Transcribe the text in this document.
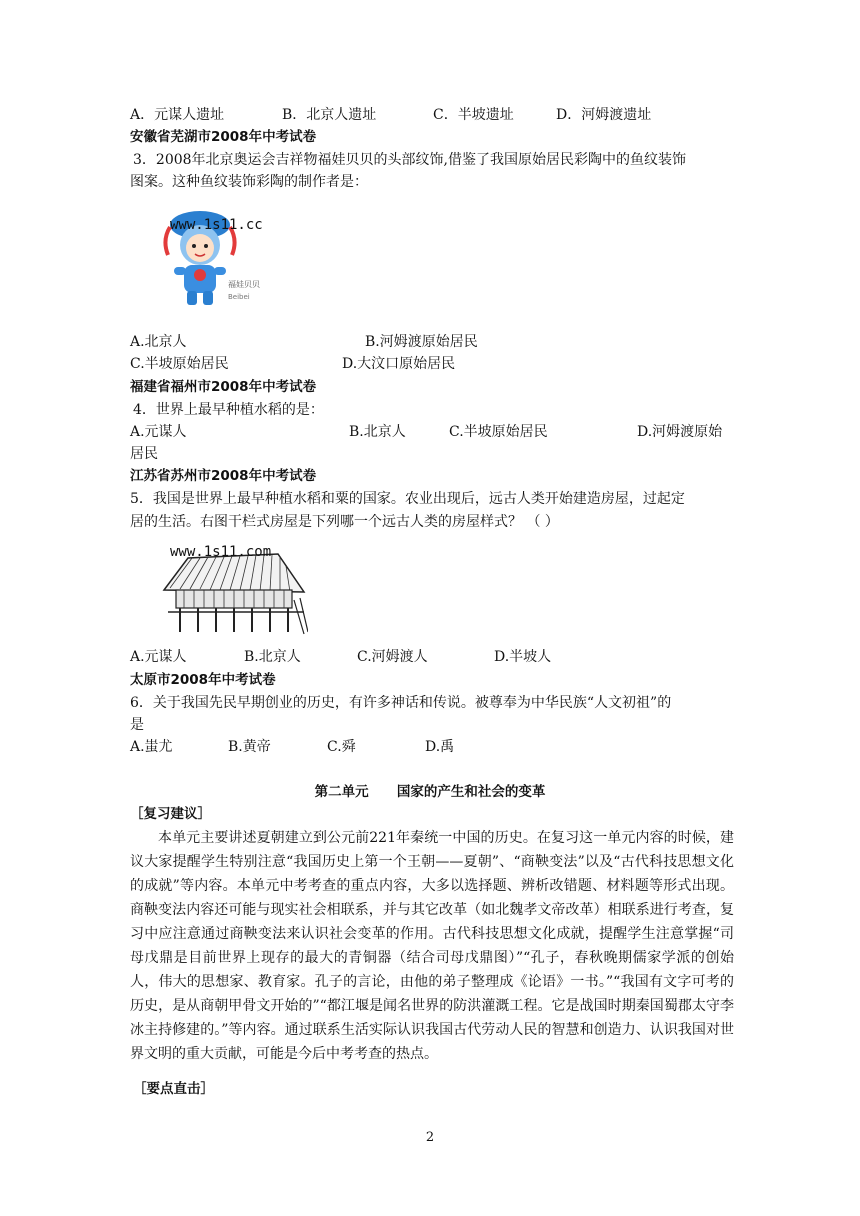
A．元谋人遗址	B．北京人遗址	C．半坡遗址	D．河姆渡遗址
安徽省芜湖市2008年中考试卷
3．2008年北京奥运会吉祥物福娃贝贝的头部纹饰,借鉴了我国原始居民彩陶中的鱼纹装饰
图案。这种鱼纹装饰彩陶的制作者是：
福娃贝贝
Beibei
www.1s11.cc
A.北京人	B.河姆渡原始居民
C.半坡原始居民	D.大汶口原始居民
福建省福州市2008年中考试卷
4．世界上最早种植水稻的是：
A.元谋人	B.北京人	C.半坡原始居民	D.河姆渡原始
居民
江苏省苏州市2008年中考试卷
5．我国是世界上最早种植水稻和粟的国家。农业出现后，远古人类开始建造房屋，过起定
居的生活。右图干栏式房屋是下列哪一个远古人类的房屋样式？ （ ）
www.1s11.com
A.元谋人	B.北京人	C.河姆渡人	D.半坡人
太原市2008年中考试卷
6．关于我国先民早期创业的历史，有许多神话和传说。被尊奉为中华民族“人文初祖”的
是
A.蚩尤	B.黄帝	C.舜	D.禹
第二单元      国家的产生和社会的变革
［复习建议］
本单元主要讲述夏朝建立到公元前221年秦统一中国的历史。在复习这一单元内容的时候，建议大家提醒学生特别注意“我国历史上第一个王朝——夏朝”、“商鞅变法”以及“古代科技思想文化的成就”等内容。本单元中考考查的重点内容，大多以选择题、辨析改错题、材料题等形式出现。商鞅变法内容还可能与现实社会相联系，并与其它改革（如北魏孝文帝改革）相联系进行考查，复习中应注意通过商鞅变法来认识社会变革的作用。古代科技思想文化成就，提醒学生注意掌握“司母戊鼎是目前世界上现存的最大的青铜器（结合司母戊鼎图）”“孔子，春秋晚期儒家学派的创始人，伟大的思想家、教育家。孔子的言论，由他的弟子整理成《论语》一书。”“我国有文字可考的历史，是从商朝甲骨文开始的”“都江堰是闻名世界的防洪灌溉工程。它是战国时期秦国蜀郡太守李冰主持修建的。”等内容。通过联系生活实际认识我国古代劳动人民的智慧和创造力、认识我国对世界文明的重大贡献，可能是今后中考考查的热点。
［要点直击］
2
